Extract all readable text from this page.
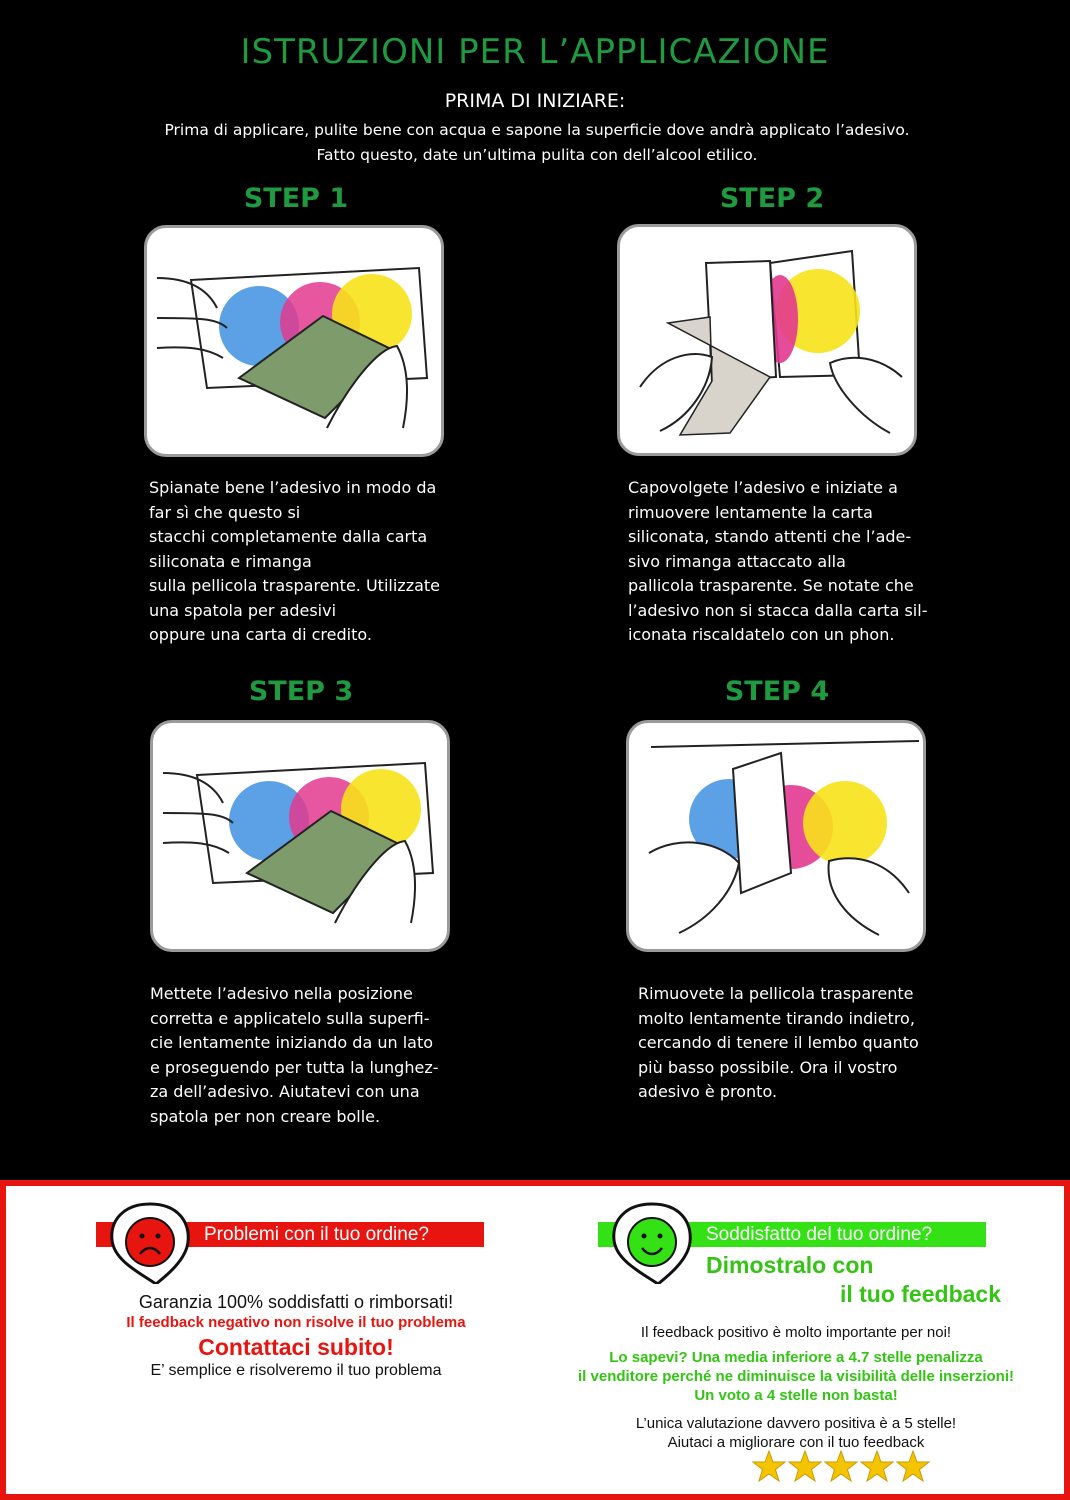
ISTRUZIONI PER L’APPLICAZIONE
PRIMA DI INIZIARE:
Prima di applicare, pulite bene con acqua e sapone la superficie dove andrà applicato l’adesivo.
Fatto questo, date un’ultima pulita con dell’alcool etilico.
STEP 1
Spianate bene l’adesivo in modo da
far sì che questo si
stacchi completamente dalla carta
siliconata e rimanga
sulla pellicola trasparente. Utilizzate
una spatola per adesivi
oppure una carta di credito.
STEP 2
Capovolgete l’adesivo e iniziate a
rimuovere lentamente la carta
siliconata, stando attenti che l’ade-
sivo rimanga attaccato alla
pallicola trasparente. Se notate che
l’adesivo non si stacca dalla carta sil-
iconata riscaldatelo con un phon.
STEP 3
Mettete l’adesivo nella posizione
corretta e applicatelo sulla superfi-
cie lentamente iniziando da un lato
e proseguendo per tutta la lunghez-
za dell’adesivo. Aiutatevi con una
spatola per non creare bolle.
STEP 4
Rimuovete la pellicola trasparente
molto lentamente tirando indietro,
cercando di tenere il lembo quanto
più basso possibile. Ora il vostro
adesivo è pronto.
Problemi con il tuo ordine?
Garanzia 100% soddisfatti o rimborsati!
Il feedback negativo non risolve il tuo problema
Contattaci subito!
E’ semplice e risolveremo il tuo problema
Soddisfatto del tuo ordine?
Dimostralo con
il tuo feedback
Il feedback positivo è molto importante per noi!
Lo sapevi? Una media inferiore a 4.7 stelle penalizza
il venditore perché ne diminuisce la visibilità delle inserzioni!
Un voto a 4 stelle non basta!
L’unica valutazione davvero positiva è a 5 stelle!
Aiutaci a migliorare con il tuo feedback
